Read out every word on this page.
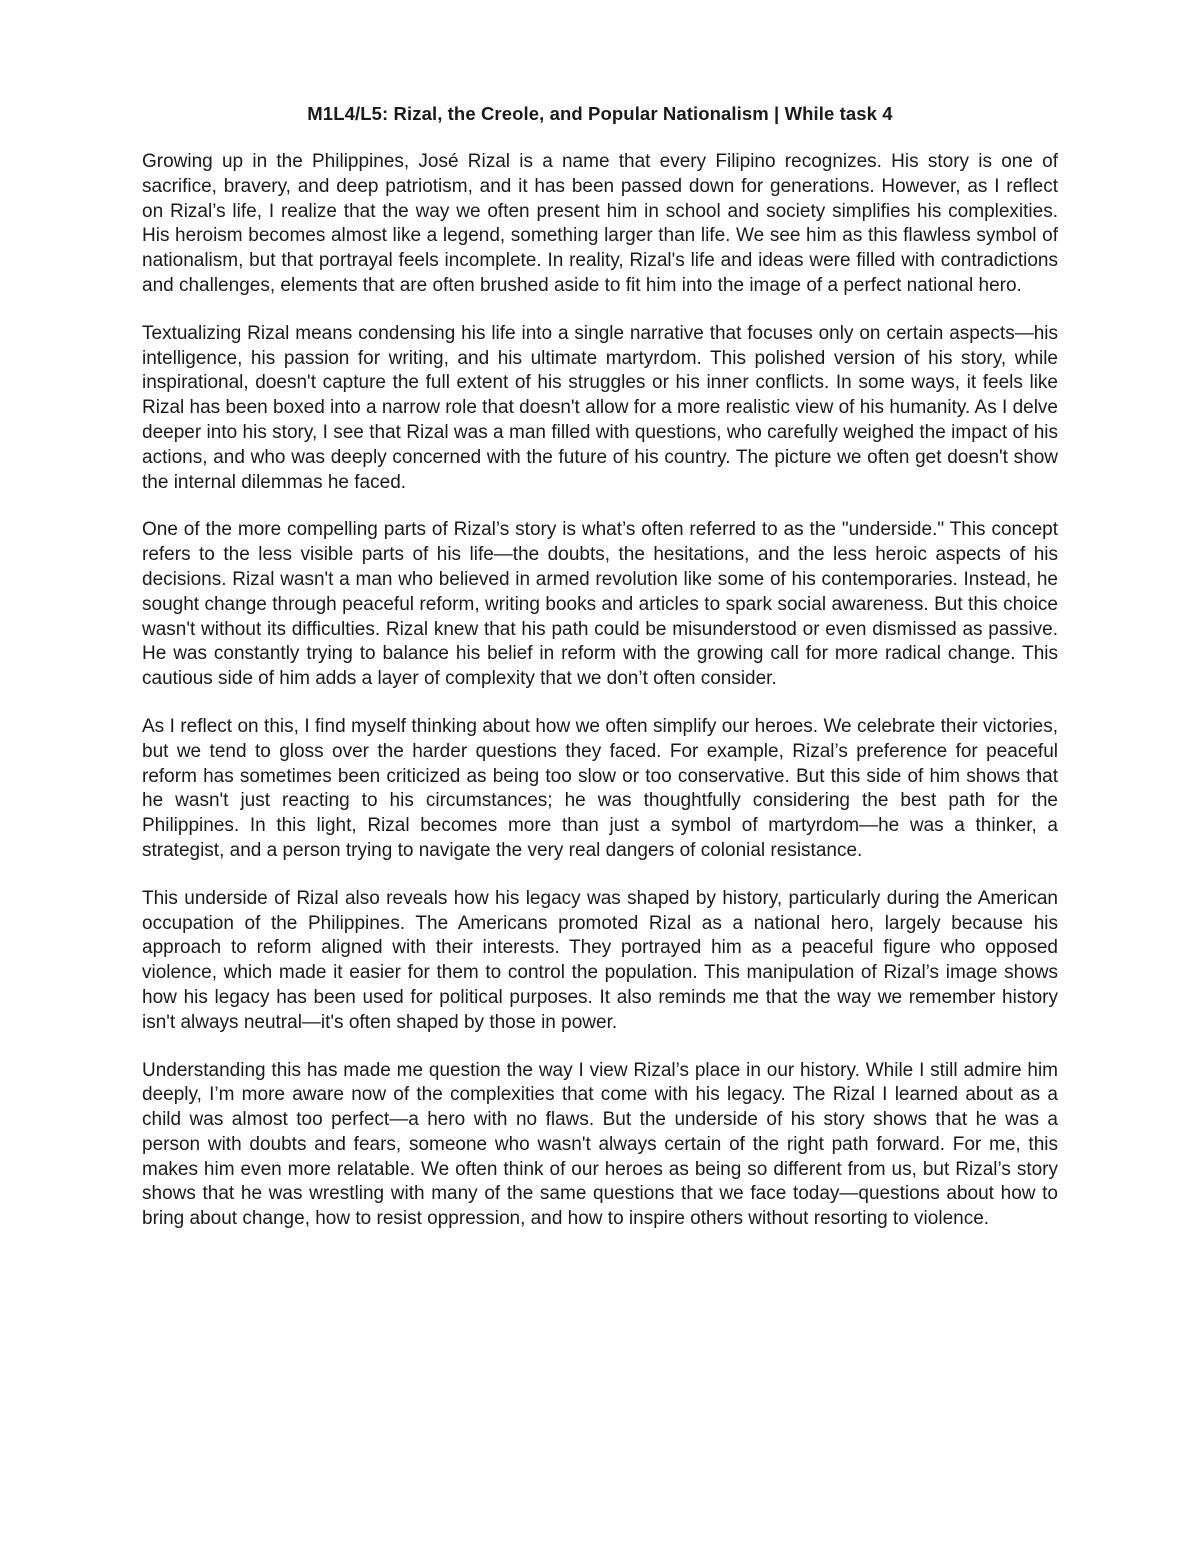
M1L4/L5: Rizal, the Creole, and Popular Nationalism | While task 4

Growing up in the Philippines, José Rizal is a name that every Filipino recognizes. His story is one of sacrifice, bravery, and deep patriotism, and it has been passed down for generations. However, as I reflect on Rizal’s life, I realize that the way we often present him in school and society simplifies his complexities. His heroism becomes almost like a legend, something larger than life. We see him as this flawless symbol of nationalism, but that portrayal feels incomplete. In reality, Rizal's life and ideas were filled with contradictions and challenges, elements that are often brushed aside to fit him into the image of a perfect national hero.

Textualizing Rizal means condensing his life into a single narrative that focuses only on certain aspects—his intelligence, his passion for writing, and his ultimate martyrdom. This polished version of his story, while inspirational, doesn't capture the full extent of his struggles or his inner conflicts. In some ways, it feels like Rizal has been boxed into a narrow role that doesn't allow for a more realistic view of his humanity. As I delve deeper into his story, I see that Rizal was a man filled with questions, who carefully weighed the impact of his actions, and who was deeply concerned with the future of his country. The picture we often get doesn't show the internal dilemmas he faced.

One of the more compelling parts of Rizal’s story is what’s often referred to as the "underside." This concept refers to the less visible parts of his life—the doubts, the hesitations, and the less heroic aspects of his decisions. Rizal wasn't a man who believed in armed revolution like some of his contemporaries. Instead, he sought change through peaceful reform, writing books and articles to spark social awareness. But this choice wasn't without its difficulties. Rizal knew that his path could be misunderstood or even dismissed as passive. He was constantly trying to balance his belief in reform with the growing call for more radical change. This cautious side of him adds a layer of complexity that we don’t often consider.

As I reflect on this, I find myself thinking about how we often simplify our heroes. We celebrate their victories, but we tend to gloss over the harder questions they faced. For example, Rizal’s preference for peaceful reform has sometimes been criticized as being too slow or too conservative. But this side of him shows that he wasn't just reacting to his circumstances; he was thoughtfully considering the best path for the Philippines. In this light, Rizal becomes more than just a symbol of martyrdom—he was a thinker, a strategist, and a person trying to navigate the very real dangers of colonial resistance.

This underside of Rizal also reveals how his legacy was shaped by history, particularly during the American occupation of the Philippines. The Americans promoted Rizal as a national hero, largely because his approach to reform aligned with their interests. They portrayed him as a peaceful figure who opposed violence, which made it easier for them to control the population. This manipulation of Rizal’s image shows how his legacy has been used for political purposes. It also reminds me that the way we remember history isn't always neutral—it's often shaped by those in power.

Understanding this has made me question the way I view Rizal’s place in our history. While I still admire him deeply, I’m more aware now of the complexities that come with his legacy. The Rizal I learned about as a child was almost too perfect—a hero with no flaws. But the underside of his story shows that he was a person with doubts and fears, someone who wasn't always certain of the right path forward. For me, this makes him even more relatable. We often think of our heroes as being so different from us, but Rizal’s story shows that he was wrestling with many of the same questions that we face today—questions about how to bring about change, how to resist oppression, and how to inspire others without resorting to violence.
